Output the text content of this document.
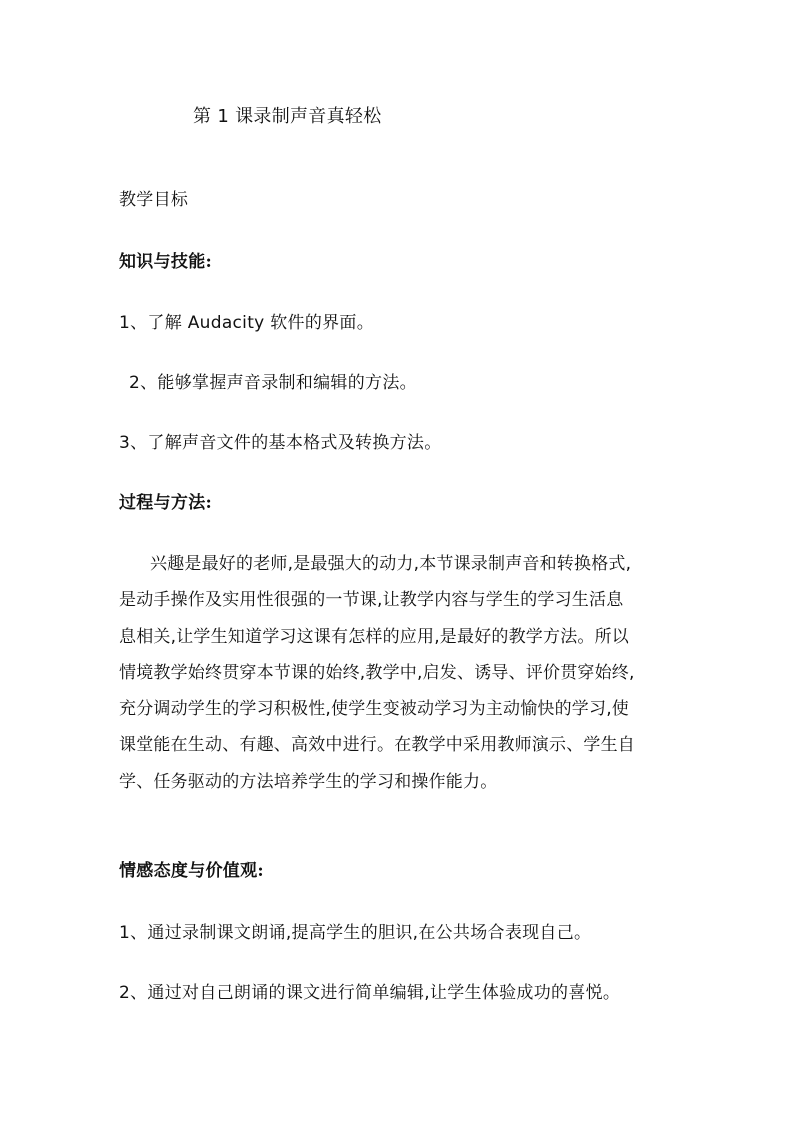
第 1 课录制声音真轻松
教学目标
知识与技能:
1、了解 Audacity 软件的界面。
2、能够掌握声音录制和编辑的方法。
3、了解声音文件的基本格式及转换方法。
过程与方法:
兴趣是最好的老师,是最强大的动力,本节课录制声音和转换格式,
是动手操作及实用性很强的一节课,让教学内容与学生的学习生活息
息相关,让学生知道学习这课有怎样的应用,是最好的教学方法。所以
情境教学始终贯穿本节课的始终,教学中,启发、诱导、评价贯穿始终,
充分调动学生的学习积极性,使学生变被动学习为主动愉快的学习,使
课堂能在生动、有趣、高效中进行。在教学中采用教师演示、学生自
学、任务驱动的方法培养学生的学习和操作能力。
情感态度与价值观:
1、通过录制课文朗诵,提高学生的胆识,在公共场合表现自己。
2、通过对自己朗诵的课文进行简单编辑,让学生体验成功的喜悦。
